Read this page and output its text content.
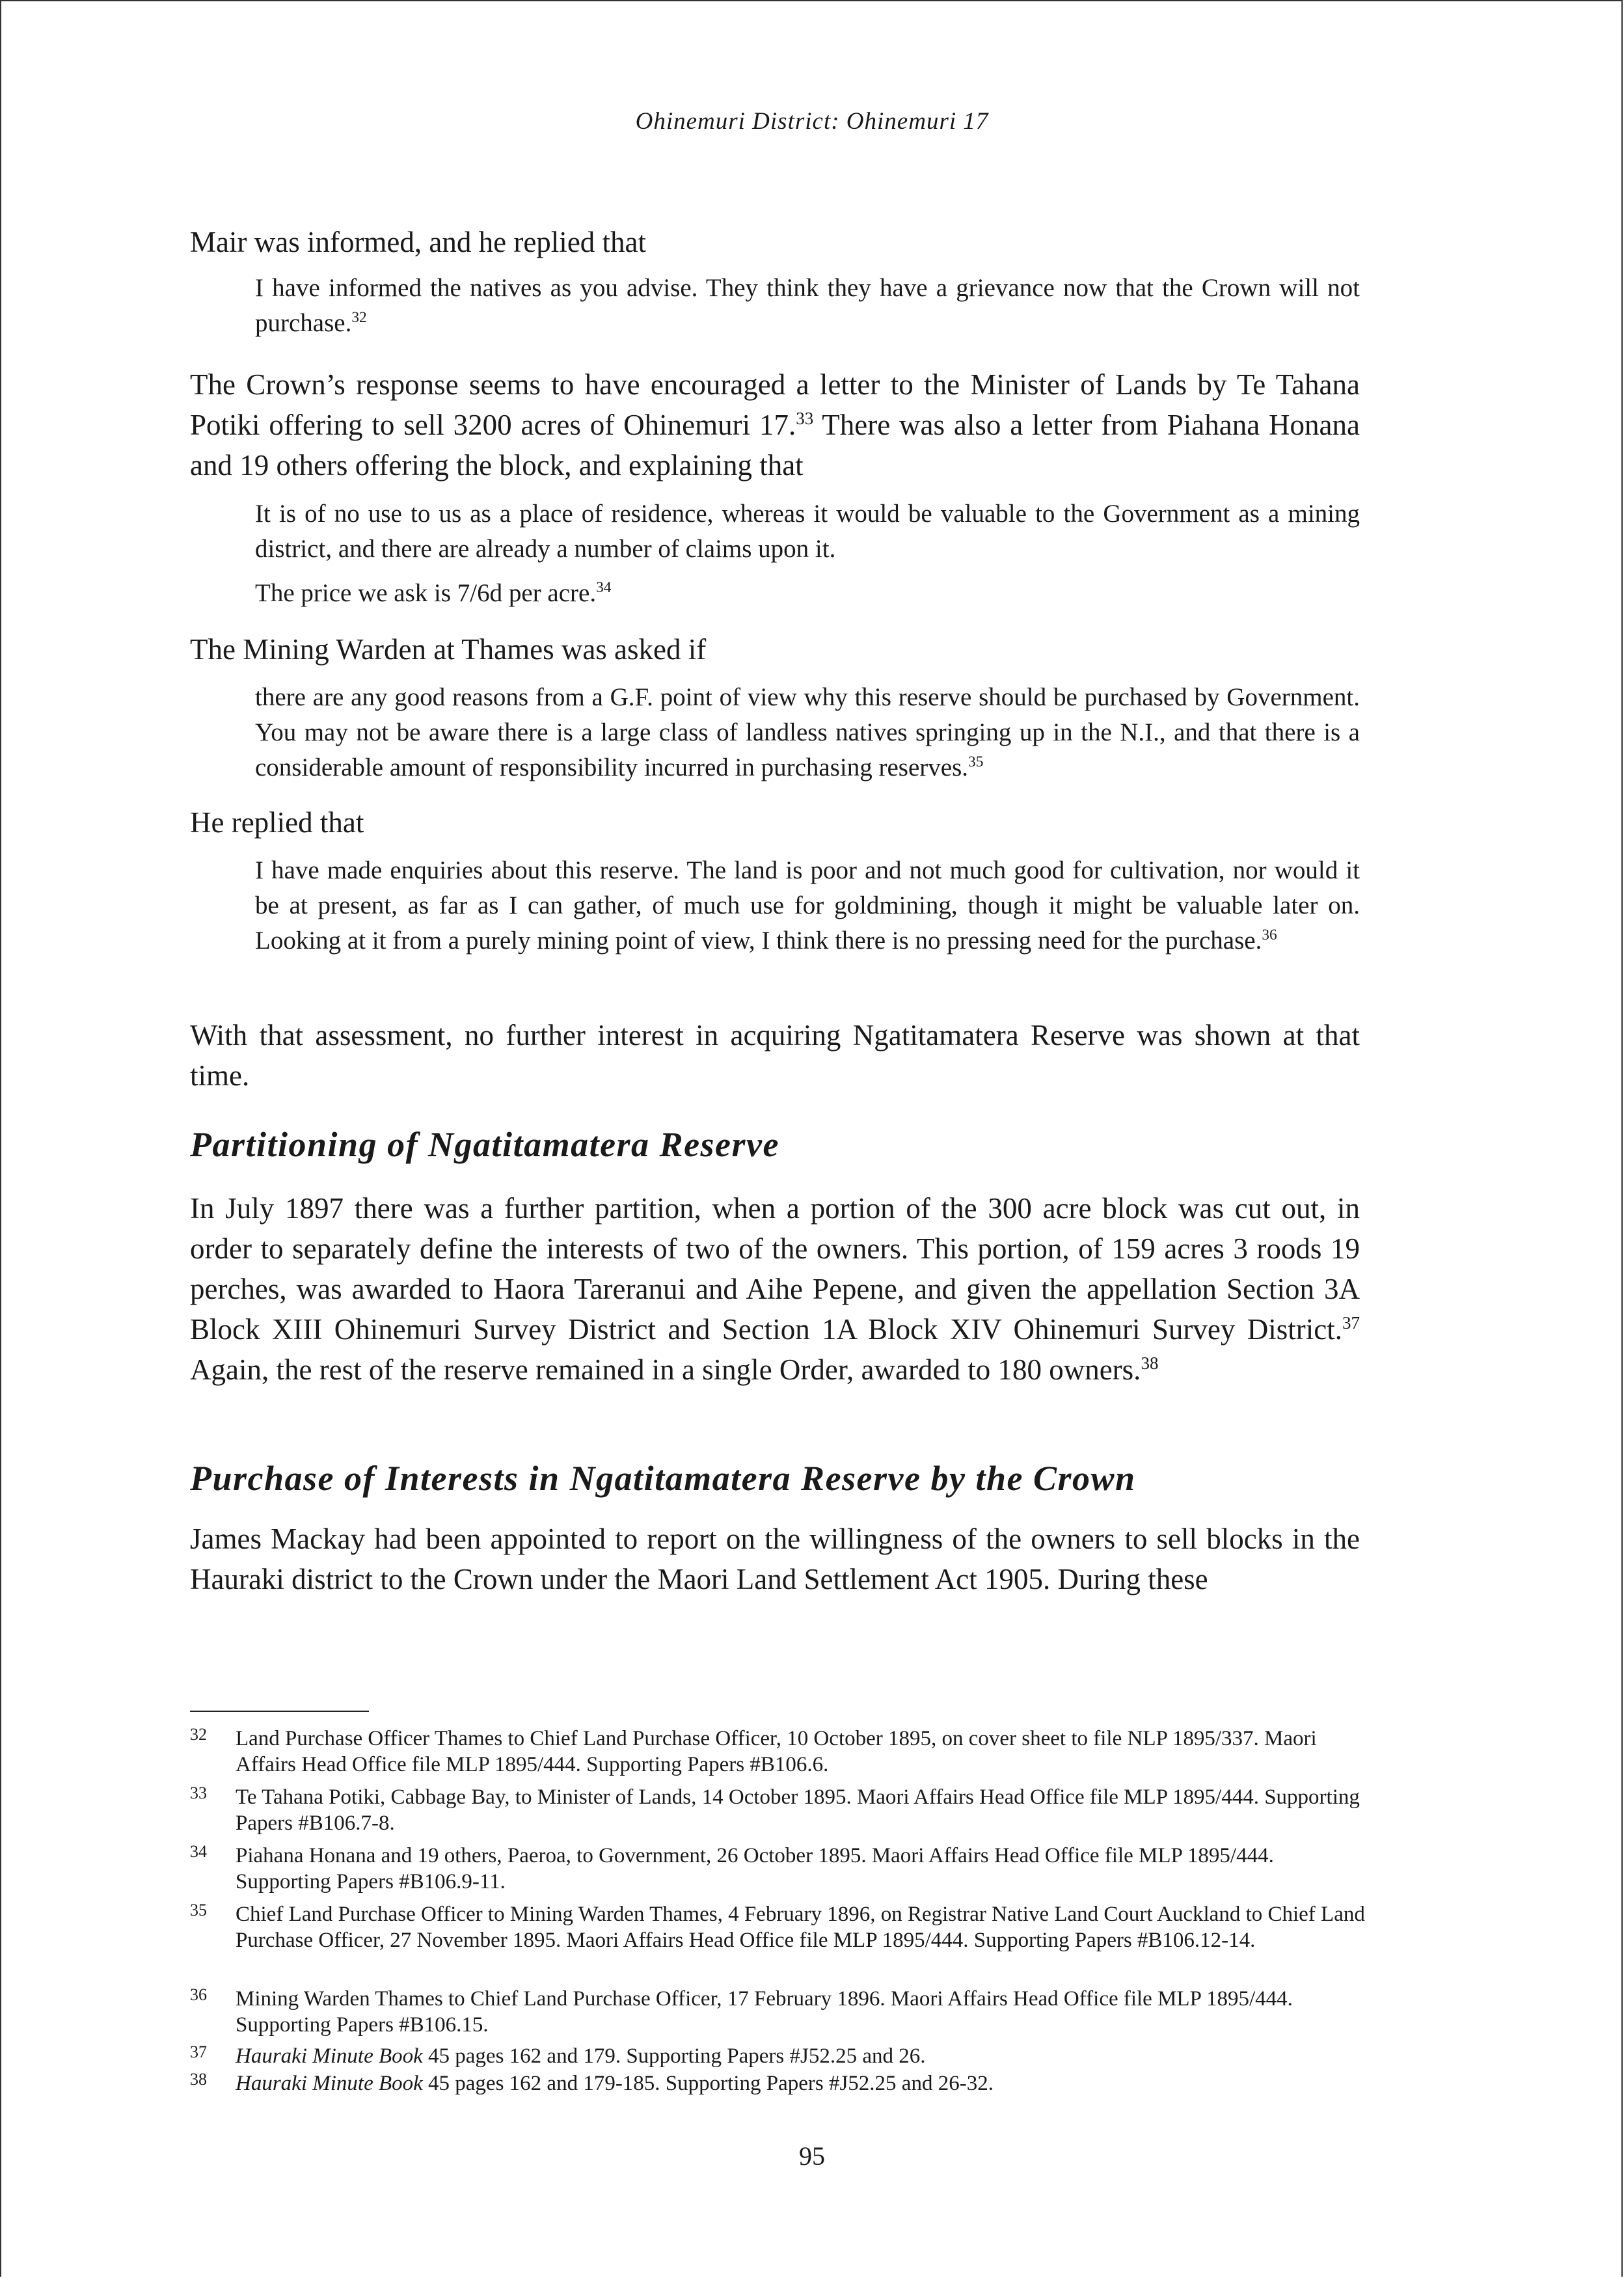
Ohinemuri District: Ohinemuri 17

Mair was informed, and he replied that

I have informed the natives as you advise. They think they have a grievance now that the Crown will not purchase.$^{32}$

The Crown’s response seems to have encouraged a letter to the Minister of Lands by Te Tahana Potiki offering to sell 3200 acres of Ohinemuri 17.33 There was also a letter from Piahana Honana and 19 others offering the block, and explaining that

It is of no use to us as a place of residence, whereas it would be valuable to the Government as a mining district, and there are already a number of claims upon it.

The price we ask is 7/6d per acre.$^{34}$

The Mining Warden at Thames was asked if

there are any good reasons from a G.F. point of view why this reserve should be purchased by Government. You may not be aware there is a large class of landless natives springing up in the N.I., and that there is a considerable amount of responsibility incurred in purchasing reserves.$^{35}$

He replied that

I have made enquiries about this reserve. The land is poor and not much good for cultivation, nor would it be at present, as far as I can gather, of much use for goldmining, though it might be valuable later on. Looking at it from a purely mining point of view, I think there is no pressing need for the purchase.$^{36}$

With that assessment, no further interest in acquiring Ngatitamatera Reserve was shown at that time.

Partitioning of Ngatitamatera Reserve

In July 1897 there was a further partition, when a portion of the 300 acre block was cut out, in order to separately define the interests of two of the owners. This portion, of 159 acres 3 roods 19 perches, was awarded to Haora Tareranui and Aihe Pepene, and given the appellation Section 3A Block XIII Ohinemuri Survey District and Section 1A Block XIV Ohinemuri Survey District.$^{37}$ Again, the rest of the reserve remained in a single Order, awarded to 180 owners.$^{38}$

Purchase of Interests in Ngatitamatera Reserve by the Crown

James Mackay had been appointed to report on the willingness of the owners to sell blocks in the Hauraki district to the Crown under the Maori Land Settlement Act 1905. During these

32 Land Purchase Officer Thames to Chief Land Purchase Officer, 10 October 1895, on cover sheet to file NLP 1895/337. Maori Affairs Head Office file MLP 1895/444. Supporting Papers #B106.6.
33 Te Tahana Potiki, Cabbage Bay, to Minister of Lands, 14 October 1895. Maori Affairs Head Office file MLP 1895/444. Supporting Papers #B106.7-8.
34 Piahana Honana and 19 others, Paeroa, to Government, 26 October 1895. Maori Affairs Head Office file MLP 1895/444. Supporting Papers #B106.9-11.
35 Chief Land Purchase Officer to Mining Warden Thames, 4 February 1896, on Registrar Native Land Court Auckland to Chief Land Purchase Officer, 27 November 1895. Maori Affairs Head Office file MLP 1895/444. Supporting Papers #B106.12-14.
36 Mining Warden Thames to Chief Land Purchase Officer, 17 February 1896. Maori Affairs Head Office file MLP 1895/444. Supporting Papers #B106.15.
37 Hauraki Minute Book 45 pages 162 and 179. Supporting Papers #J52.25 and 26.
38 Hauraki Minute Book 45 pages 162 and 179-185. Supporting Papers #J52.25 and 26-32.
95
